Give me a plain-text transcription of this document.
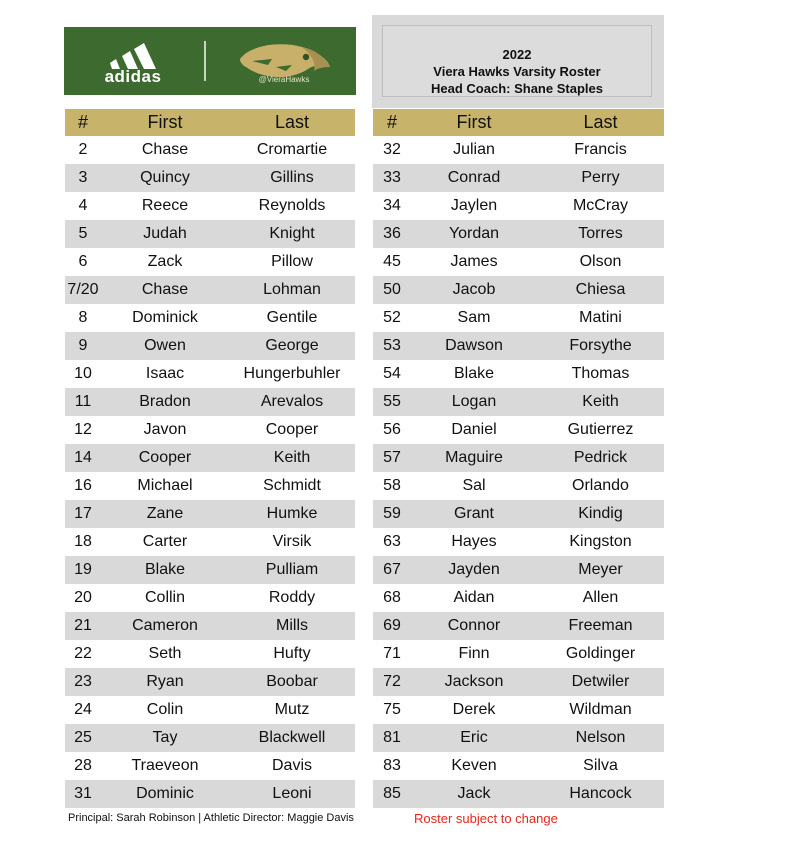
adidas	@VieraHawks
2022
Viera Hawks Varsity Roster
Head Coach: Shane Staples
#	First	Last
2	Chase	Cromartie
3	Quincy	Gillins
4	Reece	Reynolds
5	Judah	Knight
6	Zack	Pillow
7/20	Chase	Lohman
8	Dominick	Gentile
9	Owen	George
10	Isaac	Hungerbuhler
11	Bradon	Arevalos
12	Javon	Cooper
14	Cooper	Keith
16	Michael	Schmidt
17	Zane	Humke
18	Carter	Virsik
19	Blake	Pulliam
20	Collin	Roddy
21	Cameron	Mills
22	Seth	Hufty
23	Ryan	Boobar
24	Colin	Mutz
25	Tay	Blackwell
28	Traeveon	Davis
31	Dominic	Leoni
#	First	Last
32	Julian	Francis
33	Conrad	Perry
34	Jaylen	McCray
36	Yordan	Torres
45	James	Olson
50	Jacob	Chiesa
52	Sam	Matini
53	Dawson	Forsythe
54	Blake	Thomas
55	Logan	Keith
56	Daniel	Gutierrez
57	Maguire	Pedrick
58	Sal	Orlando
59	Grant	Kindig
63	Hayes	Kingston
67	Jayden	Meyer
68	Aidan	Allen
69	Connor	Freeman
71	Finn	Goldinger
72	Jackson	Detwiler
75	Derek	Wildman
81	Eric	Nelson
83	Keven	Silva
85	Jack	Hancock
Principal: Sarah Robinson | Athletic Director: Maggie Davis	Roster subject to change
